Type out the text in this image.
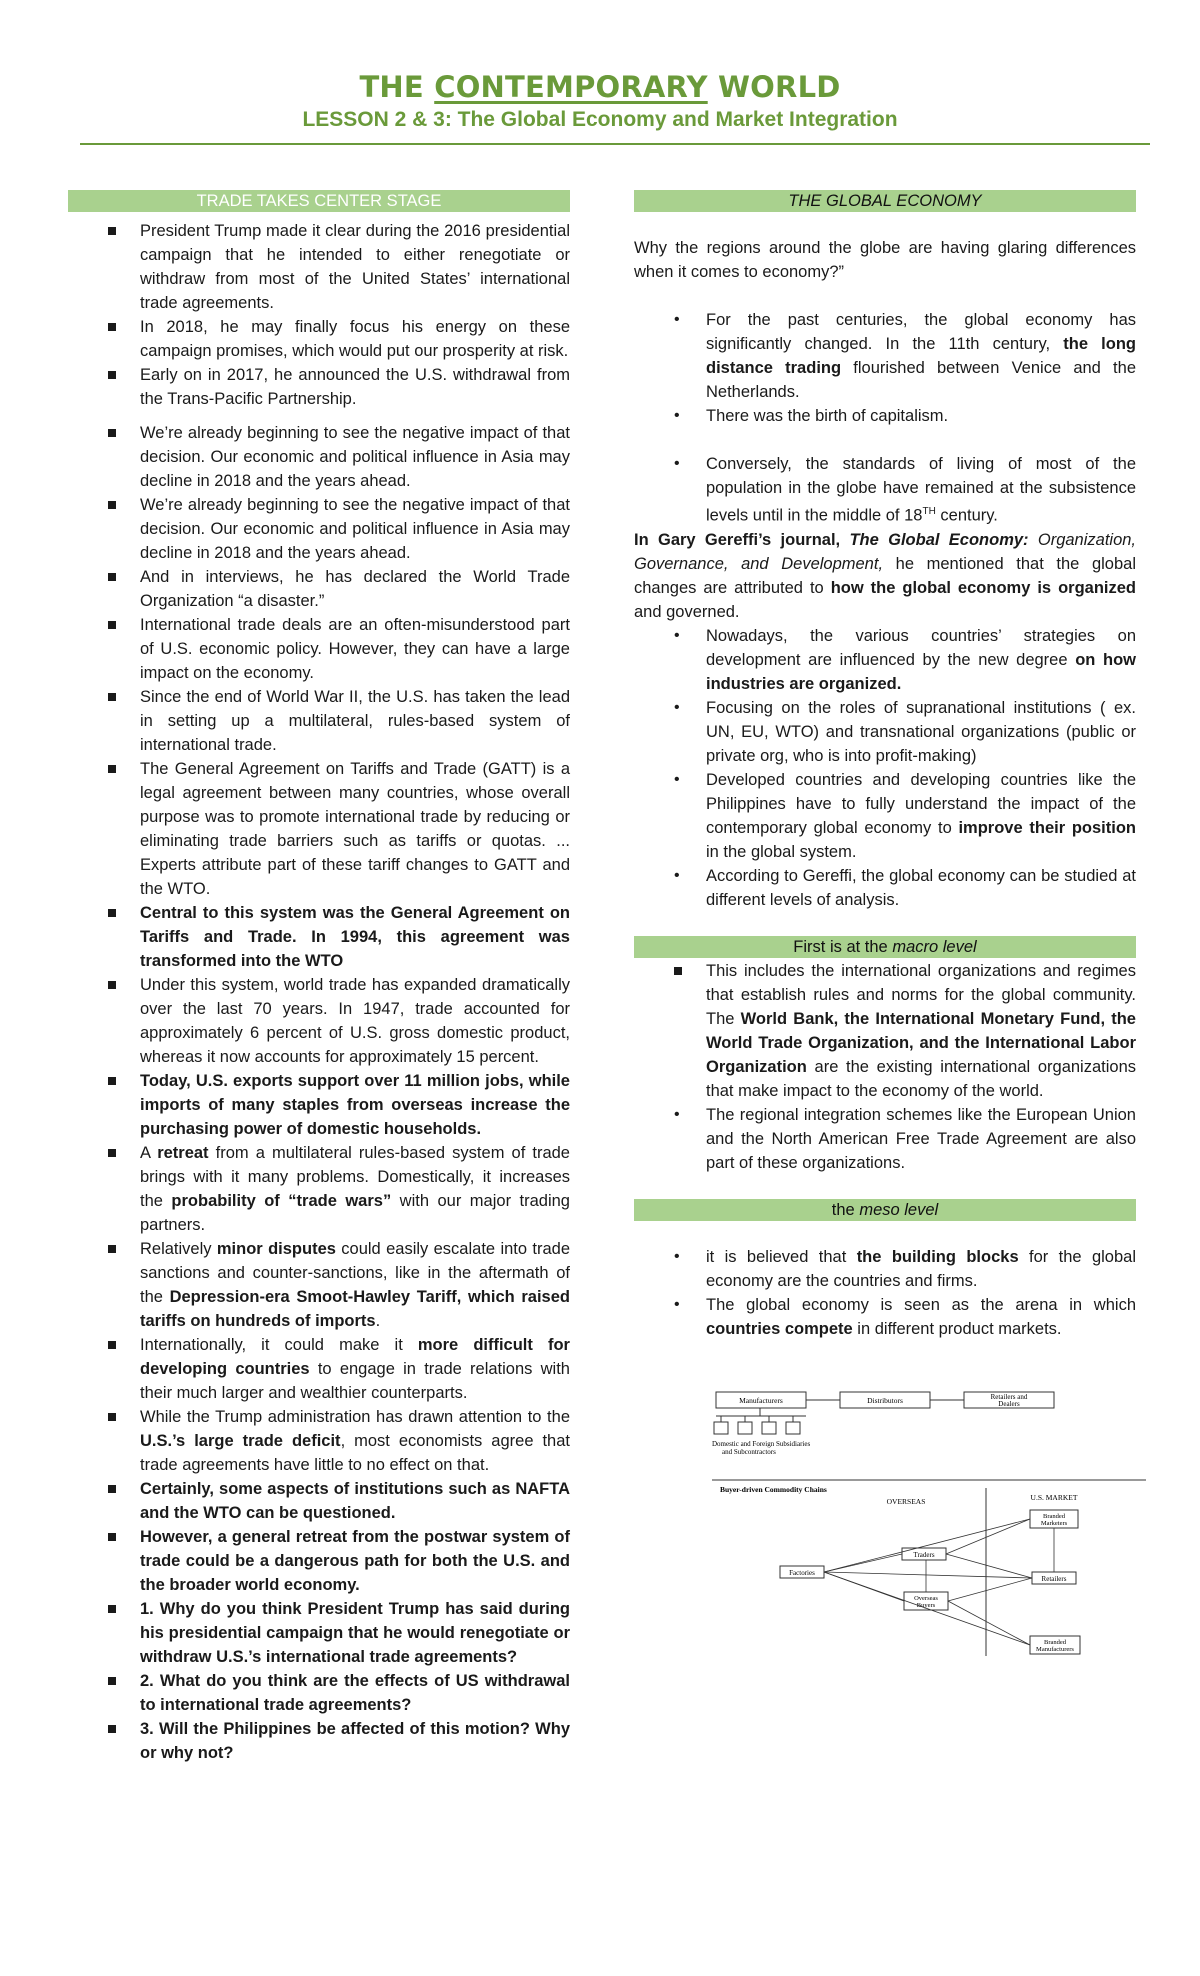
THE CONTEMPORARY WORLD
LESSON 2 & 3: The Global Economy and Market Integration
TRADE TAKES CENTER STAGE
President Trump made it clear during the 2016 presidential campaign that he intended to either renegotiate or withdraw from most of the United States’ international trade agreements.
In 2018, he may finally focus his energy on these campaign promises, which would put our prosperity at risk.
Early on in 2017, he announced the U.S. withdrawal from the Trans-Pacific Partnership.
We’re already beginning to see the negative impact of that decision. Our economic and political influence in Asia may decline in 2018 and the years ahead.
We’re already beginning to see the negative impact of that decision. Our economic and political influence in Asia may decline in 2018 and the years ahead.
And in interviews, he has declared the World Trade Organization “a disaster.”
International trade deals are an often-misunderstood part of U.S. economic policy. However, they can have a large impact on the economy.
Since the end of World War II, the U.S. has taken the lead in setting up a multilateral, rules-based system of international trade.
The General Agreement on Tariffs and Trade (GATT) is a legal agreement between many countries, whose overall purpose was to promote international trade by reducing or eliminating trade barriers such as tariffs or quotas. ... Experts attribute part of these tariff changes to GATT and the WTO.
Central to this system was the General Agreement on Tariffs and Trade. In 1994, this agreement was transformed into the WTO
Under this system, world trade has expanded dramatically over the last 70 years. In 1947, trade accounted for approximately 6 percent of U.S. gross domestic product, whereas it now accounts for approximately 15 percent.
Today, U.S. exports support over 11 million jobs, while imports of many staples from overseas increase the purchasing power of domestic households.
A retreat from a multilateral rules-based system of trade brings with it many problems. Domestically, it increases the probability of “trade wars” with our major trading partners.
Relatively minor disputes could easily escalate into trade sanctions and counter-sanctions, like in the aftermath of the Depression-era Smoot-Hawley Tariff, which raised tariffs on hundreds of imports.
Internationally, it could make it more difficult for developing countries to engage in trade relations with their much larger and wealthier counterparts.
While the Trump administration has drawn attention to the U.S.’s large trade deficit, most economists agree that trade agreements have little to no effect on that.
Certainly, some aspects of institutions such as NAFTA and the WTO can be questioned.
However, a general retreat from the postwar system of trade could be a dangerous path for both the U.S. and the broader world economy.
1. Why do you think President Trump has said during his presidential campaign that he would renegotiate or withdraw U.S.’s international trade agreements?
2. What do you think are the effects of US withdrawal to international trade agreements?
3. Will the Philippines be affected of this motion? Why or why not?
THE GLOBAL ECONOMY
Why the regions around the globe are having glaring differences when it comes to economy?”
• For the past centuries, the global economy has significantly changed. In the 11th century, the long distance trading flourished between Venice and the Netherlands.
• There was the birth of capitalism.
• Conversely, the standards of living of most of the population in the globe have remained at the subsistence levels until in the middle of 18TH century.
In Gary Gereffi’s journal, The Global Economy: Organization, Governance, and Development, he mentioned that the global changes are attributed to how the global economy is organized and governed.
• Nowadays, the various countries’ strategies on development are influenced by the new degree on how industries are organized.
• Focusing on the roles of supranational institutions ( ex. UN, EU, WTO) and transnational organizations (public or private org, who is into profit-making)
• Developed countries and developing countries like the Philippines have to fully understand the impact of the contemporary global economy to improve their position in the global system.
• According to Gereffi, the global economy can be studied at different levels of analysis.
First is at the macro level
This includes the international organizations and regimes that establish rules and norms for the global community. The World Bank, the International Monetary Fund, the World Trade Organization, and the International Labor Organization are the existing international organizations that make impact to the economy of the world.
• The regional integration schemes like the European Union and the North American Free Trade Agreement are also part of these organizations.
the meso level
• it is believed that the building blocks for the global economy are the countries and firms.
• The global economy is seen as the arena in which countries compete in different product markets.
Manufacturers	Distributors	Retailers and
Dealers
Domestic and Foreign Subsidiaries
and Subcontractors
Buyer-driven Commodity Chains
OVERSEAS	U.S. MARKET
Branded
Marketers
Traders
Factories
Retailers
Overseas
Buyers
Branded
Manufacturers
